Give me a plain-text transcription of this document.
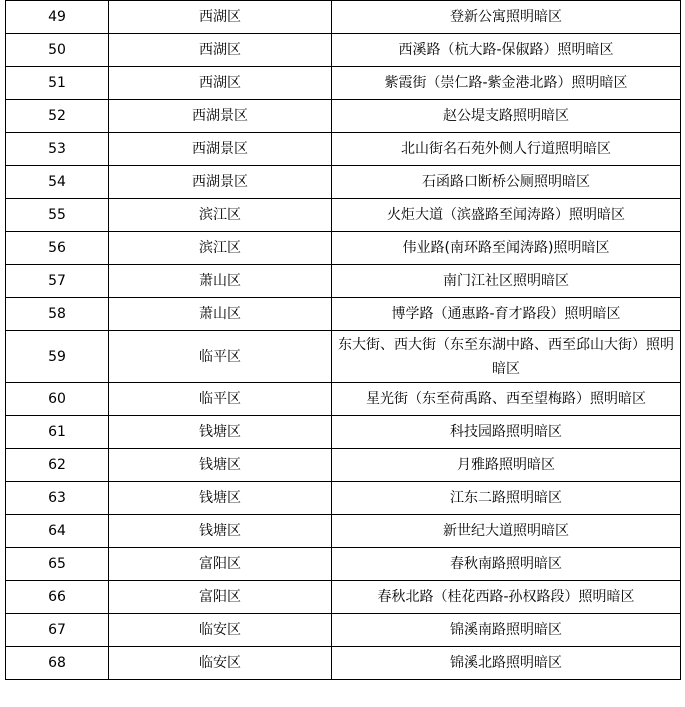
49	西湖区	登新公寓照明暗区
50	西湖区	西溪路（杭大路-保俶路）照明暗区
51	西湖区	紫霞街（崇仁路-紫金港北路）照明暗区
52	西湖景区	赵公堤支路照明暗区
53	西湖景区	北山街名石苑外侧人行道照明暗区
54	西湖景区	石函路口断桥公厕照明暗区
55	滨江区	火炬大道（滨盛路至闻涛路）照明暗区
56	滨江区	伟业路(南环路至闻涛路)照明暗区
57	萧山区	南门江社区照明暗区
58	萧山区	博学路（通惠路-育才路段）照明暗区
59	临平区	东大街、西大街（东至东湖中路、西至邱山大街）照明暗区
60	临平区	星光街（东至荷禹路、西至望梅路）照明暗区
61	钱塘区	科技园路照明暗区
62	钱塘区	月雅路照明暗区
63	钱塘区	江东二路照明暗区
64	钱塘区	新世纪大道照明暗区
65	富阳区	春秋南路照明暗区
66	富阳区	春秋北路（桂花西路-孙权路段）照明暗区
67	临安区	锦溪南路照明暗区
68	临安区	锦溪北路照明暗区
